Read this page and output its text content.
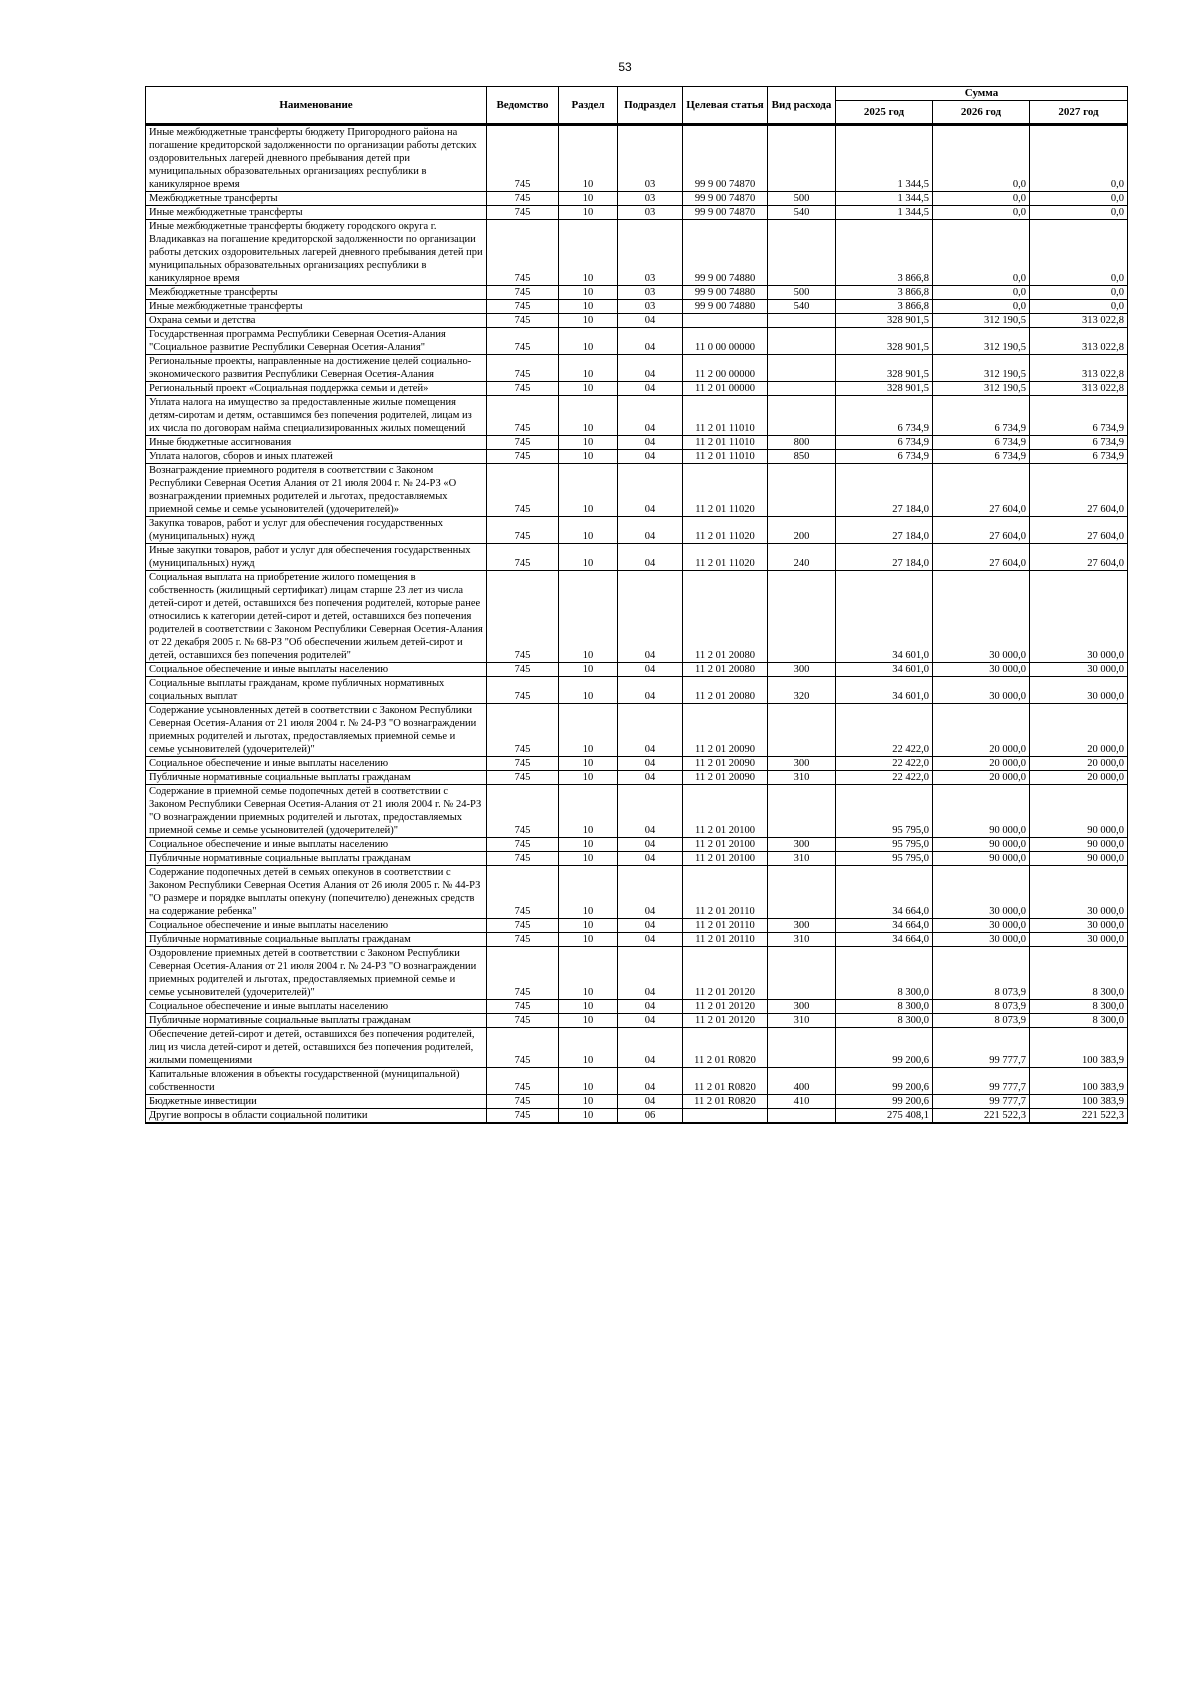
53
Наименование	Ведомство	Раздел	Подраздел	Целевая статья	Вид расхода	Сумма		
						2025 год	2026 год	2027 год
Иные межбюджетные трансферты бюджету Пригородного района на погашение кредиторской задолженности по организации работы детских оздоровительных лагерей дневного пребывания детей при муниципальных образовательных организациях республики в каникулярное время	745	10	03	99 9 00 74870		1 344,5	0,0	0,0
Межбюджетные трансферты	745	10	03	99 9 00 74870	500	1 344,5	0,0	0,0
Иные межбюджетные трансферты	745	10	03	99 9 00 74870	540	1 344,5	0,0	0,0
Иные межбюджетные трансферты бюджету городского округа г. Владикавказ на погашение кредиторской задолженности по организации работы детских оздоровительных лагерей дневного пребывания детей при муниципальных образовательных организациях республики в каникулярное время	745	10	03	99 9 00 74880		3 866,8	0,0	0,0
Межбюджетные трансферты	745	10	03	99 9 00 74880	500	3 866,8	0,0	0,0
Иные межбюджетные трансферты	745	10	03	99 9 00 74880	540	3 866,8	0,0	0,0
Охрана семьи и детства	745	10	04			328 901,5	312 190,5	313 022,8
Государственная программа Республики Северная Осетия-Алания "Социальное развитие Республики Северная Осетия-Алания"	745	10	04	11 0 00 00000		328 901,5	312 190,5	313 022,8
Региональные проекты, направленные на достижение целей социально-экономического развития Республики Северная Осетия-Алания	745	10	04	11 2 00 00000		328 901,5	312 190,5	313 022,8
Региональный проект «Социальная поддержка семьи и детей»	745	10	04	11 2 01 00000		328 901,5	312 190,5	313 022,8
Уплата налога на имущество за предоставленные жилые помещения детям-сиротам и детям, оставшимся без попечения родителей, лицам из их числа по договорам найма специализированных жилых помещений	745	10	04	11 2 01 11010		6 734,9	6 734,9	6 734,9
Иные бюджетные ассигнования	745	10	04	11 2 01 11010	800	6 734,9	6 734,9	6 734,9
Уплата налогов, сборов и иных платежей	745	10	04	11 2 01 11010	850	6 734,9	6 734,9	6 734,9
Вознаграждение приемного родителя в соответствии с Законом Республики Северная Осетия Алания от 21 июля 2004 г. № 24-РЗ «О вознаграждении приемных родителей и льготах, предоставляемых приемной семье и семье усыновителей (удочерителей)»	745	10	04	11 2 01 11020		27 184,0	27 604,0	27 604,0
Закупка товаров, работ и услуг для обеспечения государственных (муниципальных) нужд	745	10	04	11 2 01 11020	200	27 184,0	27 604,0	27 604,0
Иные закупки товаров, работ и услуг для обеспечения государственных (муниципальных) нужд	745	10	04	11 2 01 11020	240	27 184,0	27 604,0	27 604,0
Социальная выплата на приобретение жилого помещения в собственность (жилищный сертификат) лицам старше 23 лет из числа детей-сирот и детей, оставшихся без попечения родителей, которые ранее относились к категории детей-сирот и детей, оставшихся без попечения родителей в соответствии с Законом Республики Северная Осетия-Алания от 22 декабря 2005 г. № 68-РЗ "Об обеспечении жильем детей-сирот и детей, оставшихся без попечения родителей"	745	10	04	11 2 01 20080		34 601,0	30 000,0	30 000,0
Социальное обеспечение и иные выплаты населению	745	10	04	11 2 01 20080	300	34 601,0	30 000,0	30 000,0
Социальные выплаты гражданам, кроме публичных нормативных социальных выплат	745	10	04	11 2 01 20080	320	34 601,0	30 000,0	30 000,0
Содержание усыновленных детей в соответствии с Законом Республики Северная Осетия-Алания от 21 июля 2004 г. № 24-РЗ "О вознаграждении приемных родителей и льготах, предоставляемых приемной семье и семье усыновителей (удочерителей)"	745	10	04	11 2 01 20090		22 422,0	20 000,0	20 000,0
Социальное обеспечение и иные выплаты населению	745	10	04	11 2 01 20090	300	22 422,0	20 000,0	20 000,0
Публичные нормативные социальные выплаты гражданам	745	10	04	11 2 01 20090	310	22 422,0	20 000,0	20 000,0
Содержание в приемной семье подопечных детей в соответствии с Законом Республики Северная Осетия-Алания от 21 июля 2004 г. № 24-РЗ "О вознаграждении приемных родителей и льготах, предоставляемых приемной семье и семье усыновителей (удочерителей)"	745	10	04	11 2 01 20100		95 795,0	90 000,0	90 000,0
Социальное обеспечение и иные выплаты населению	745	10	04	11 2 01 20100	300	95 795,0	90 000,0	90 000,0
Публичные нормативные социальные выплаты гражданам	745	10	04	11 2 01 20100	310	95 795,0	90 000,0	90 000,0
Содержание подопечных детей в семьях опекунов в соответствии с Законом Республики Северная Осетия Алания от 26 июля 2005 г. № 44-РЗ "О размере и порядке выплаты опекуну (попечителю) денежных средств на содержание ребенка"	745	10	04	11 2 01 20110		34 664,0	30 000,0	30 000,0
Социальное обеспечение и иные выплаты населению	745	10	04	11 2 01 20110	300	34 664,0	30 000,0	30 000,0
Публичные нормативные социальные выплаты гражданам	745	10	04	11 2 01 20110	310	34 664,0	30 000,0	30 000,0
Оздоровление приемных детей в соответствии с Законом Республики Северная Осетия-Алания от 21 июля 2004 г. № 24-РЗ "О вознаграждении приемных родителей и льготах, предоставляемых приемной семье и семье усыновителей (удочерителей)"	745	10	04	11 2 01 20120		8 300,0	8 073,9	8 300,0
Социальное обеспечение и иные выплаты населению	745	10	04	11 2 01 20120	300	8 300,0	8 073,9	8 300,0
Публичные нормативные социальные выплаты гражданам	745	10	04	11 2 01 20120	310	8 300,0	8 073,9	8 300,0
Обеспечение детей-сирот и детей, оставшихся без попечения родителей, лиц из числа детей-сирот и детей, оставшихся без попечения родителей, жилыми помещениями	745	10	04	11 2 01 R0820		99 200,6	99 777,7	100 383,9
Капитальные вложения в объекты государственной (муниципальной) собственности	745	10	04	11 2 01 R0820	400	99 200,6	99 777,7	100 383,9
Бюджетные инвестиции	745	10	04	11 2 01 R0820	410	99 200,6	99 777,7	100 383,9
Другие вопросы в области социальной политики	745	10	06			275 408,1	221 522,3	221 522,3
